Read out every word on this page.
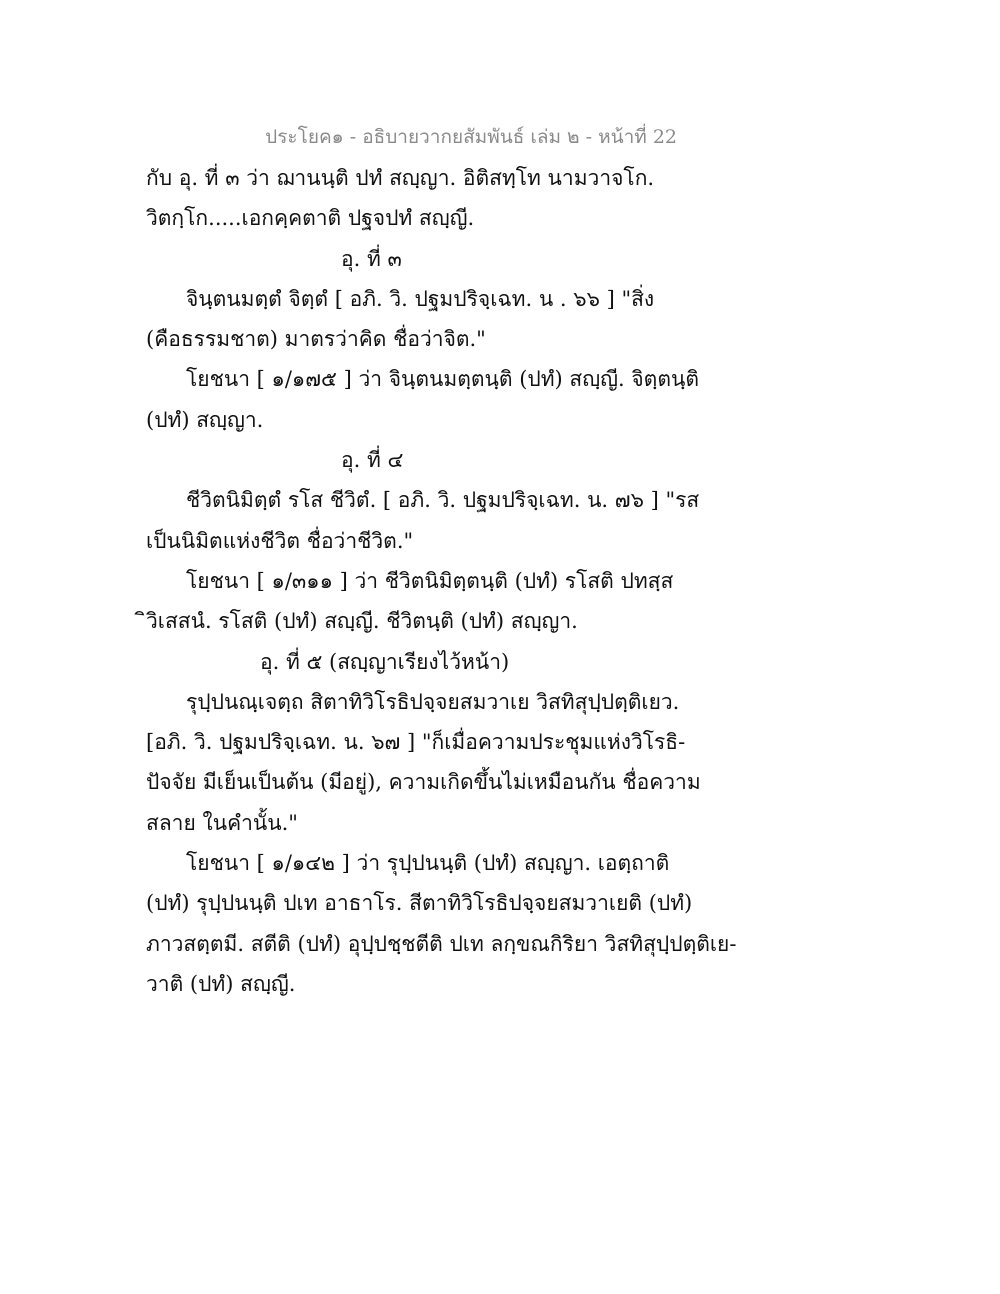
ประโยค๑ - อธิบายวากยสัมพันธ์ เล่ม ๒ - หน้าที่ 22
กับ อุ. ที่ ๓ ว่า ฌานนฺติ ปทํ สญฺญา. อิติสทฺโท นามวาจโก.
วิตกฺโก.....เอกคฺคตาติ ปฐจปทํ สญฺญี.
อุ. ที่ ๓
จินฺตนมตฺตํ จิตฺตํ [ อภิ. วิ. ปฐมปริจฺเฉท. น . ๖๖ ] "สิ่ง
(คือธรรมชาต) มาตรว่าคิด ชื่อว่าจิต."
โยชนา [ ๑/๑๗๕ ] ว่า จินฺตนมตฺตนฺติ (ปทํ) สญฺญี. จิตฺตนฺติ
(ปทํ) สญฺญา.
อุ. ที่ ๔
ชีวิตนิมิตฺตํ รโส ชีวิตํ. [ อภิ. วิ. ปฐมปริจฺเฉท. น. ๗๖ ] "รส
เป็นนิมิตแห่งชีวิต ชื่อว่าชีวิต."
โยชนา [ ๑/๓๑๑ ] ว่า ชีวิตนิมิตฺตนฺติ (ปทํ) รโสติ ปทสฺส
ิวิเสสนํ. รโสติ (ปทํ) สญฺญี. ชีวิตนฺติ (ปทํ) สญฺญา.
อุ. ที่ ๕ (สญฺญาเรียงไว้หน้า)
รุปฺปนณฺเจตฺถ สิตาทิวิโรธิปจฺจยสมวาเย วิสทิสุปฺปตฺติเยว.
[อภิ. วิ. ปฐมปริจฺเฉท. น. ๖๗ ] "ก็เมื่อความประชุมแห่งวิโรธิ-
ปัจจัย มีเย็นเป็นต้น (มีอยู่), ความเกิดขึ้นไม่เหมือนกัน ชื่อความ
สลาย ในคำนั้น."
โยชนา [ ๑/๑๔๒ ] ว่า รุปฺปนนฺติ (ปทํ) สญฺญา. เอตฺถาติ
(ปทํ) รุปฺปนนฺติ ปเท อาธาโร. สีตาทิวิโรธิปจฺจยสมวาเยติ (ปทํ)
ภาวสตฺตมี. สตีติ (ปทํ) อุปฺปชฺชตีติ ปเท ลกฺขณกิริยา วิสทิสุปฺปตฺติเย-
วาติ (ปทํ) สญฺญี.
